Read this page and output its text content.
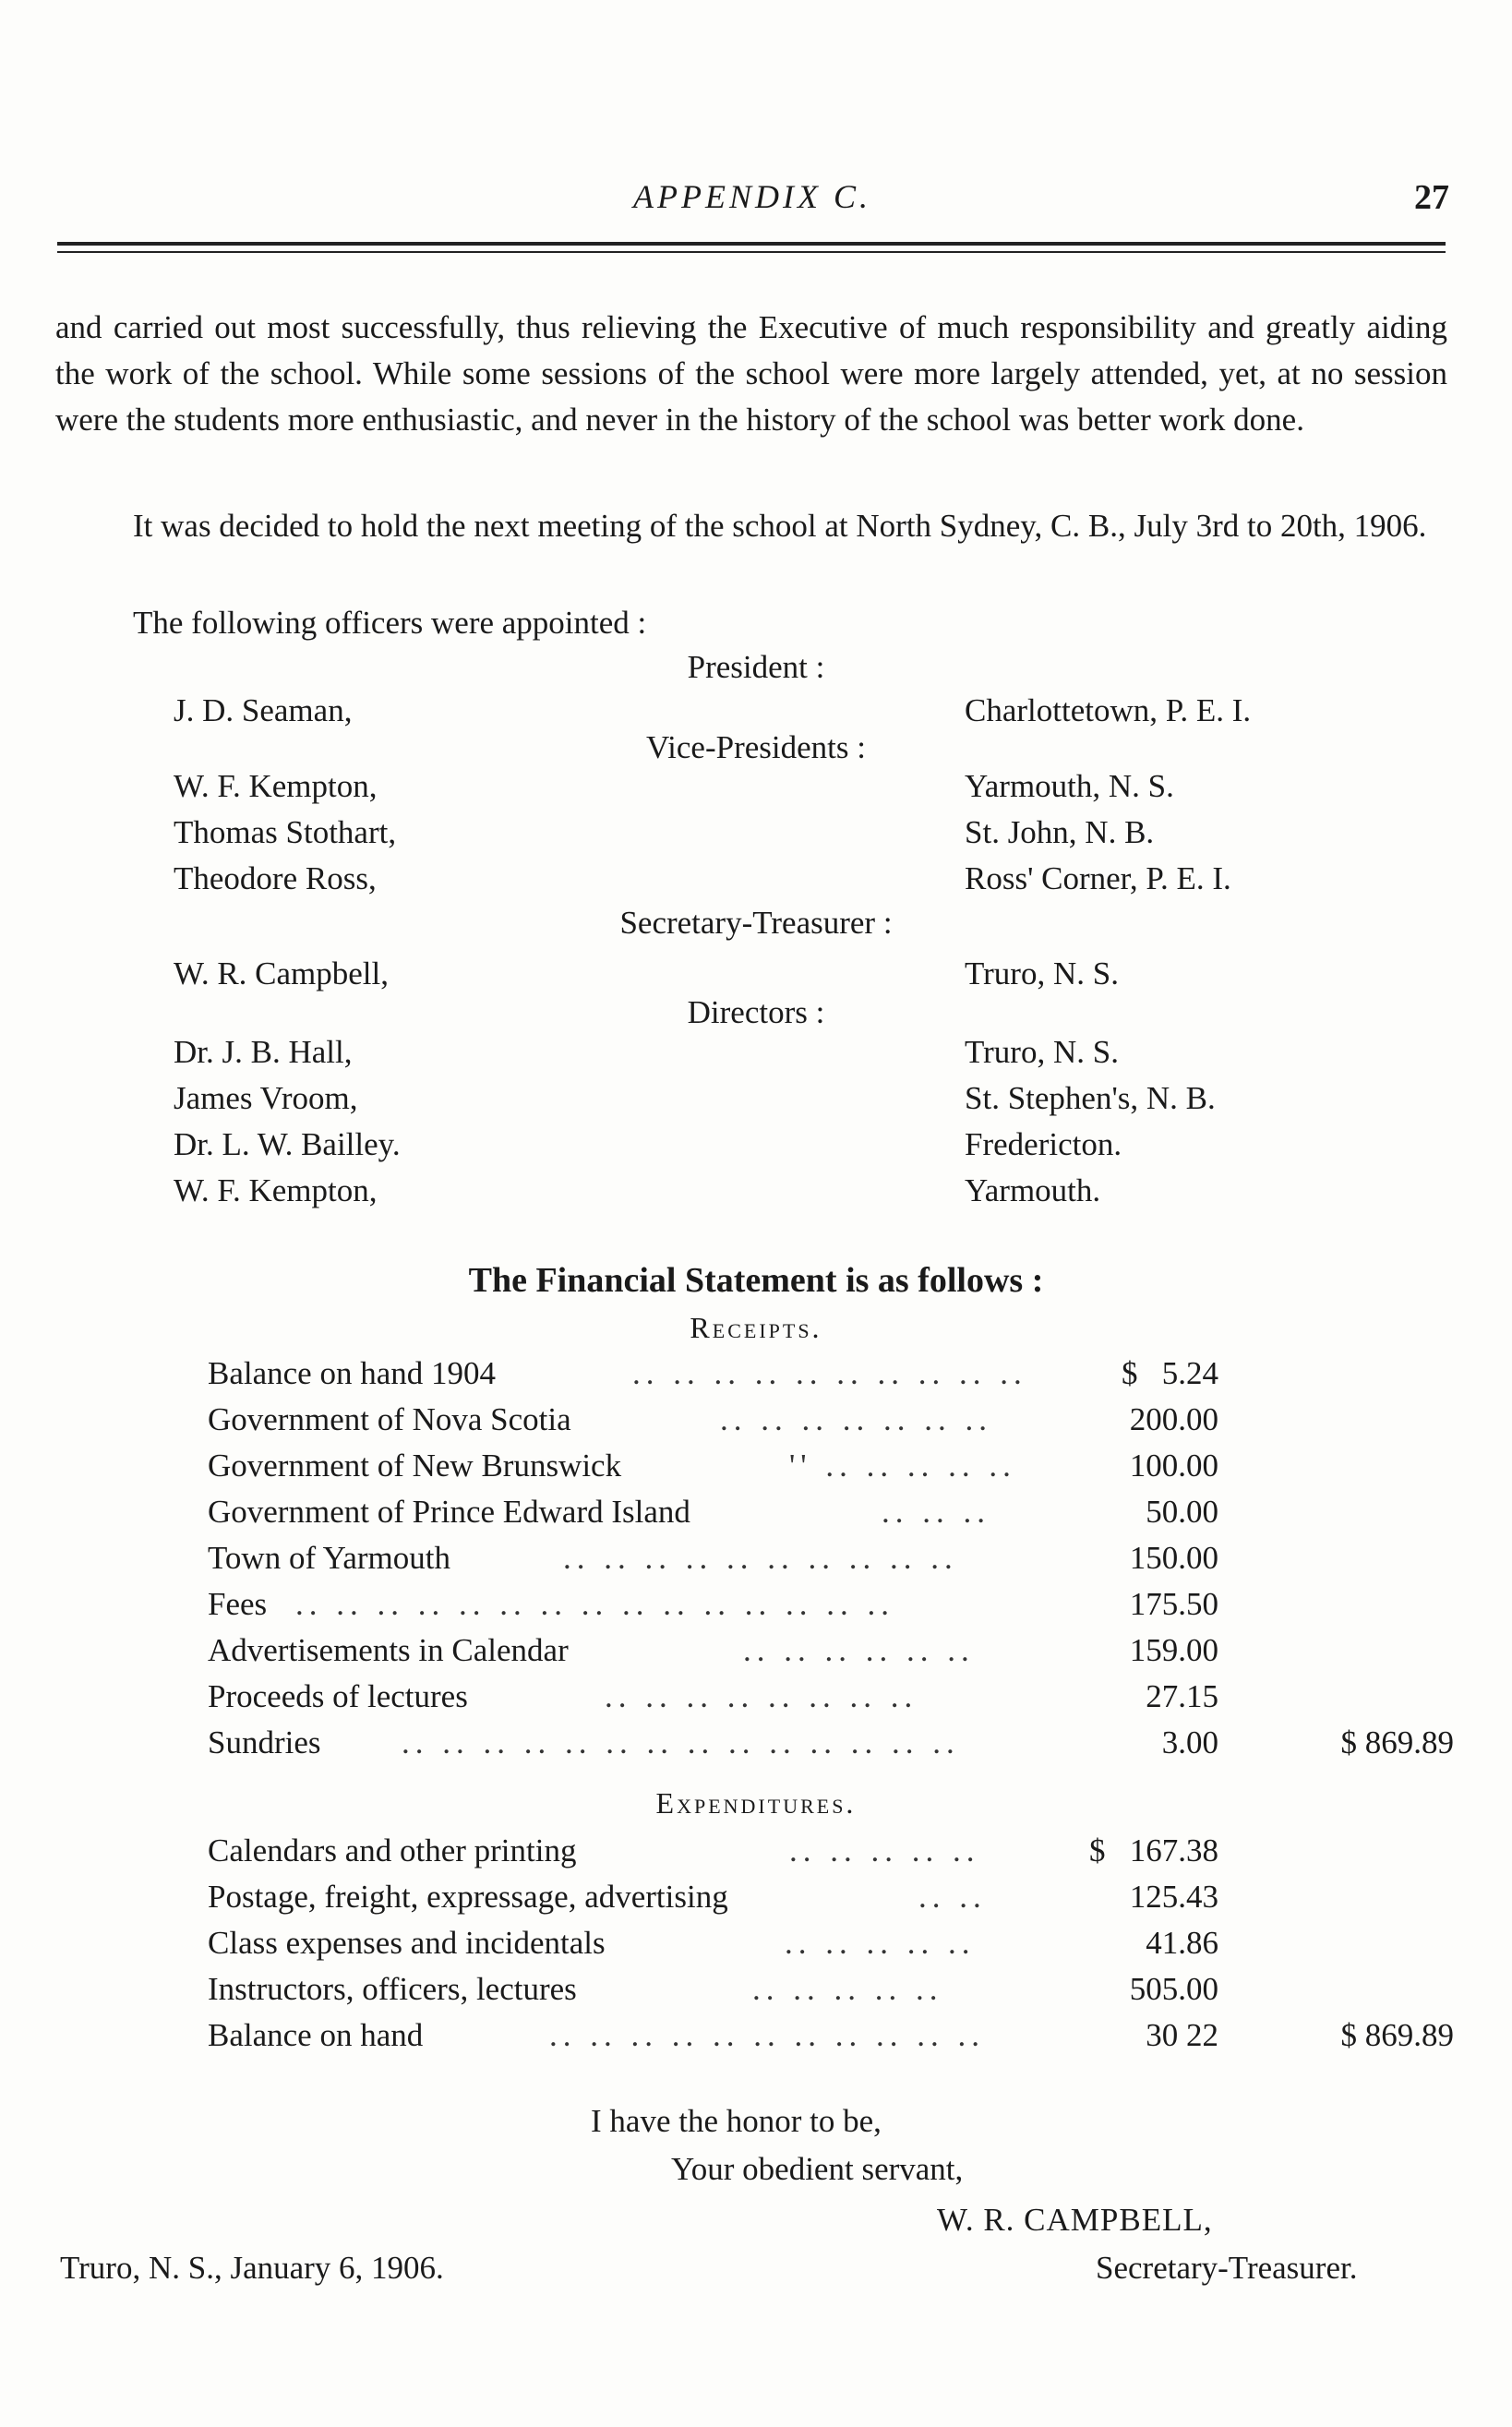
APPENDIX C.	27

and carried out most successfully, thus relieving the Executive of much responsibility and greatly aiding the work of the school. While some sessions of the school were more largely attended, yet, at no session were the students more enthusiastic, and never in the history of the school was better work done.

It was decided to hold the next meeting of the school at North Sydney, C. B., July 3rd to 20th, 1906.

The following officers were appointed :

President :
J. D. Seaman,	Charlottetown, P. E. I.
Vice-Presidents :
W. F. Kempton,	Yarmouth, N. S.
Thomas Stothart,	St. John, N. B.
Theodore Ross,	Ross' Corner, P. E. I.
Secretary-Treasurer :
W. R. Campbell,	Truro, N. S.
Directors :
Dr. J. B. Hall,	Truro, N. S.
James Vroom,	St. Stephen's, N. B.
Dr. L. W. Bailley.	Fredericton.
W. F. Kempton,	Yarmouth.
The Financial Statement is as follows :
Receipts.
Balance on hand 1904	.. .. .. .. .. .. .. .. .. ..	$ 5.24
Government of Nova Scotia	.. .. .. .. .. .. ..	200.00
Government of New Brunswick	'' .. .. .. .. ..	100.00
Government of Prince Edward Island	.. .. ..	50.00
Town of Yarmouth	.. .. .. .. .. .. .. .. .. ..	150.00
Fees .. .. .. .. .. .. .. .. .. .. .. .. .. .. ..	175.50
Advertisements in Calendar	.. .. .. .. .. ..	159.00
Proceeds of lectures	.. .. .. .. .. .. .. ..	27.15
Sundries	.. .. .. .. .. .. .. .. .. .. .. .. .. ..	3.00	$ 869.89
Expenditures.
Calendars and other printing	.. .. .. .. ..	$ 167.38
Postage, freight, expressage, advertising	.. ..	125.43
Class expenses and incidentals	.. .. .. .. ..	41.86
Instructors, officers, lectures	.. .. .. .. ..	505.00
Balance on hand	.. .. .. .. .. .. .. .. .. .. ..	30 22	$ 869.89
I have the honor to be,
Your obedient servant,
W. R. CAMPBELL,
Truro, N. S., January 6, 1906.	Secretary-Treasurer.
